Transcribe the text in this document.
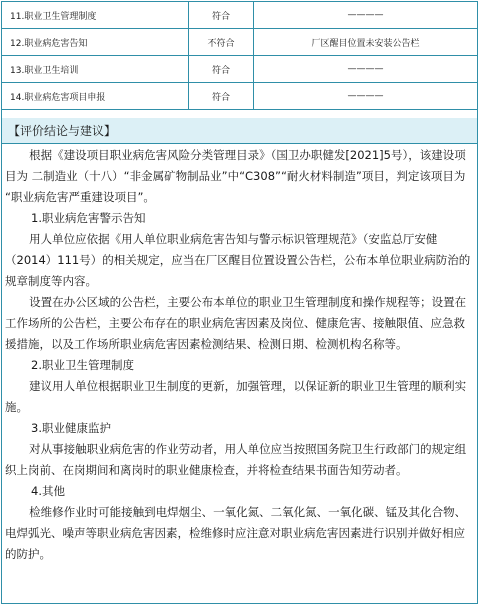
11.职业卫生管理制度	符合	————
12.职业病危害告知	不符合	厂区醒目位置未安装公告栏
13.职业卫生培训	符合	————
14.职业病危害项目申报	符合	————
【评价结论与建议】

根据《建设项目职业病危害风险分类管理目录》（国卫办职健发[2021]5号），该建设项目为 二制造业（十八）“非金属矿物制品业”中“C308”“耐火材料制造”项目，判定该项目为 “职业病危害严重建设项目”。

1.职业病危害警示告知

用人单位应依据《用人单位职业病危害告知与警示标识管理规范》（安监总厅安健（2014）111号）的相关规定，应当在厂区醒目位置设置公告栏，公布本单位职业病防治的规章制度等内容。

设置在办公区域的公告栏，主要公布本单位的职业卫生管理制度和操作规程等；设置在工作场所的公告栏，主要公布存在的职业病危害因素及岗位、健康危害、接触限值、应急救援措施，以及工作场所职业病危害因素检测结果、检测日期、检测机构名称等。

2.职业卫生管理制度

建议用人单位根据职业卫生制度的更新，加强管理，以保证新的职业卫生管理的顺利实施。

3.职业健康监护

对从事接触职业病危害的作业劳动者，用人单位应当按照国务院卫生行政部门的规定组织上岗前、在岗期间和离岗时的职业健康检查，并将检查结果书面告知劳动者。

4.其他

检维修作业时可能接触到电焊烟尘、一氧化氮、二氧化氮、一氧化碳、锰及其化合物、电焊弧光、噪声等职业病危害因素，检维修时应注意对职业病危害因素进行识别并做好相应的防护。
